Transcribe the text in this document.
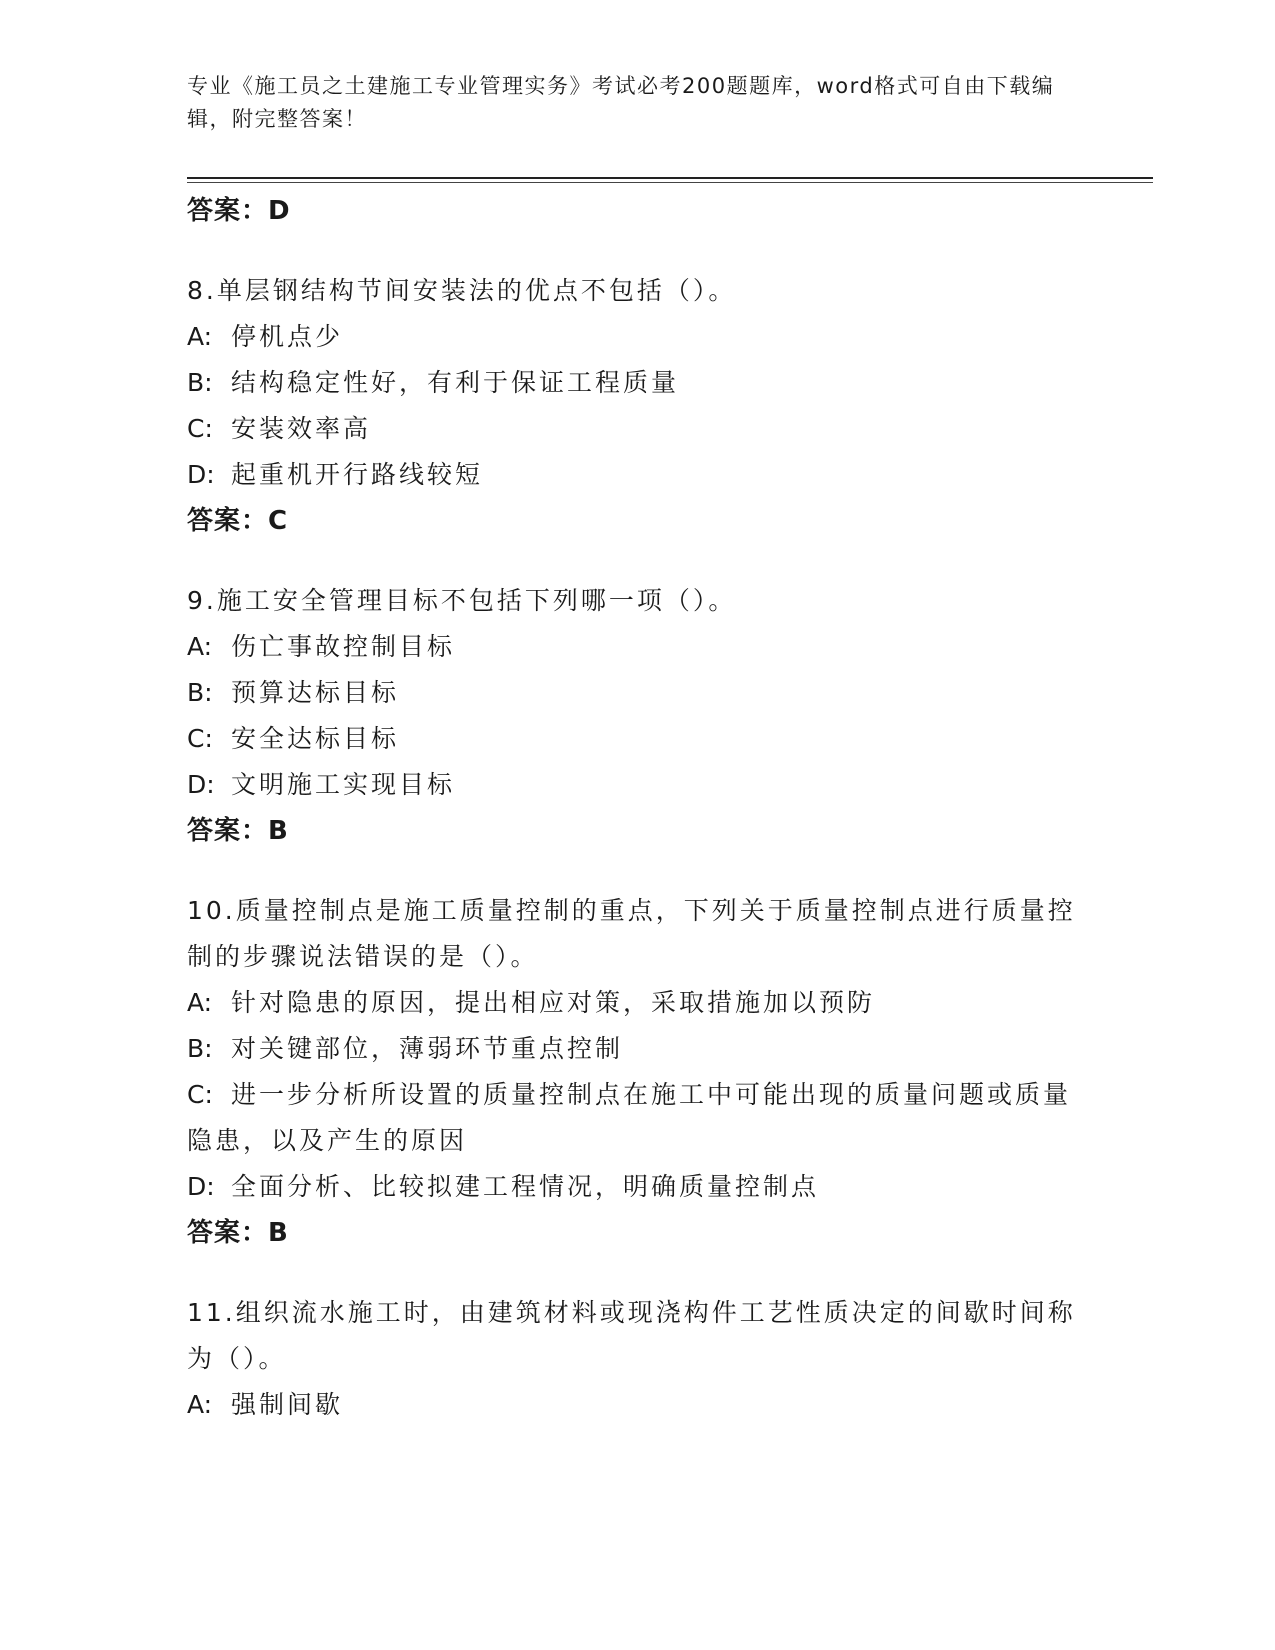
专业《施工员之土建施工专业管理实务》考试必考200题题库，word格式可自由下载编辑，附完整答案！

答案：D

8.单层钢结构节间安装法的优点不包括（）。

A: 停机点少

B: 结构稳定性好，有利于保证工程质量

C: 安装效率高

D: 起重机开行路线较短

答案：C

9.施工安全管理目标不包括下列哪一项（）。

A: 伤亡事故控制目标

B: 预算达标目标

C: 安全达标目标

D: 文明施工实现目标

答案：B

10.质量控制点是施工质量控制的重点，下列关于质量控制点进行质量控制的步骤说法错误的是（）。

A: 针对隐患的原因，提出相应对策，采取措施加以预防

B: 对关键部位，薄弱环节重点控制

C: 进一步分析所设置的质量控制点在施工中可能出现的质量问题或质量隐患，以及产生的原因

D: 全面分析、比较拟建工程情况，明确质量控制点

答案：B

11.组织流水施工时，由建筑材料或现浇构件工艺性质决定的间歇时间称为（）。

A: 强制间歇
